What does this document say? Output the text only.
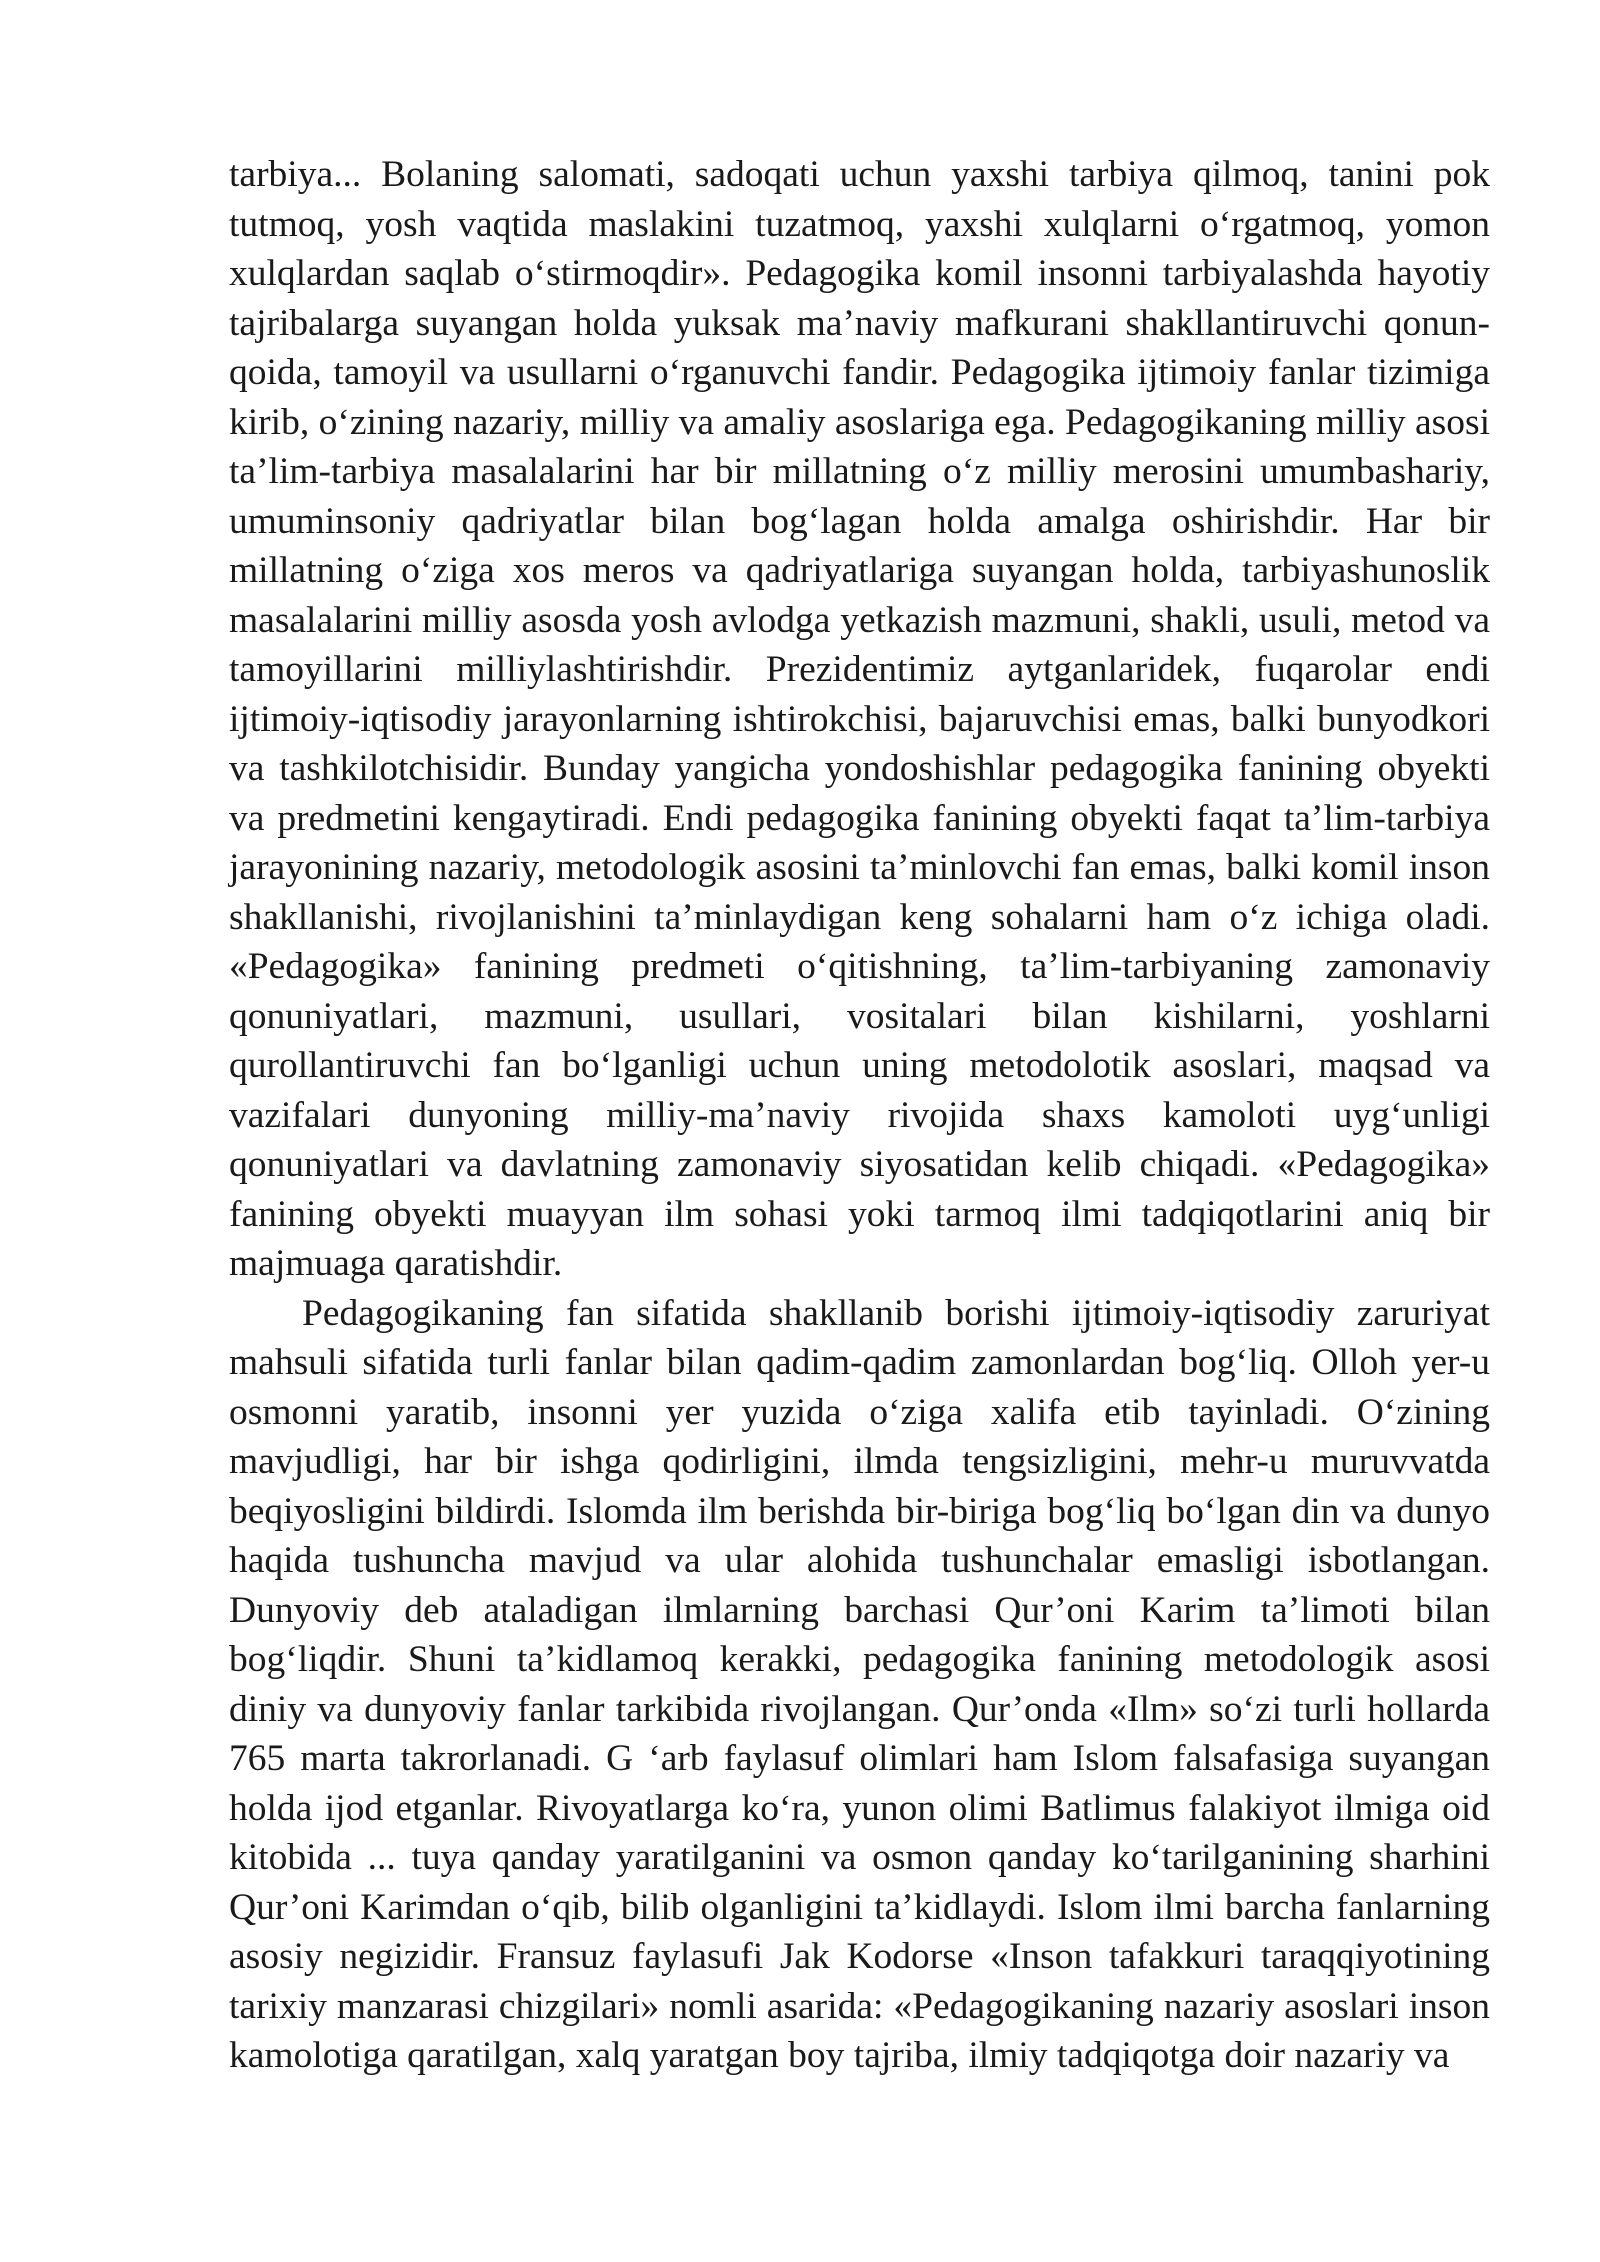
tarbiya... Bolaning salomati, sadoqati uchun yaxshi tarbiya qilmoq, tanini pok tutmoq, yosh vaqtida maslakini tuzatmoq, yaxshi xulqlarni o‘rgatmoq, yomon xulqlardan saqlab o‘stirmoqdir». Pedagogika komil insonni tarbiyalashda hayotiy tajribalarga suyangan holda yuksak ma’naviy mafkurani shakllantiruvchi qonun-qoida, tamoyil va usullarni o‘rganuvchi fandir. Pedagogika ijtimoiy fanlar tizimiga kirib, o‘zining nazariy, milliy va amaliy asoslariga ega. Pedagogikaning milliy asosi ta’lim-tarbiya masalalarini har bir millatning o‘z milliy merosini umumbashariy, umuminsoniy qadriyatlar bilan bog‘lagan holda amalga oshirishdir. Har bir millatning o‘ziga xos meros va qadriyatlariga suyangan holda, tarbiyashunoslik masalalarini milliy asosda yosh avlodga yetkazish mazmuni, shakli, usuli, metod va tamoyillarini milliylashtirishdir. Prezidentimiz aytganlaridek, fuqarolar endi ijtimoiy-iqtisodiy jarayonlarning ishtirokchisi, bajaruvchisi emas, balki bunyodkori va tashkilotchisidir. Bunday yangicha yondoshishlar pedagogika fanining obyekti va predmetini kengaytiradi. Endi pedagogika fanining obyekti faqat ta’lim-tarbiya jarayonining nazariy, metodologik asosini ta’minlovchi fan emas, balki komil inson shakllanishi, rivojlanishini ta’minlaydigan keng sohalarni ham o‘z ichiga oladi. «Pedagogika» fanining predmeti o‘qitishning, ta’lim-tarbiyaning zamonaviy qonuniyatlari, mazmuni, usullari, vositalari bilan kishilarni, yoshlarni qurollantiruvchi fan bo‘lganligi uchun uning metodolotik asoslari, maqsad va vazifalari dunyoning milliy-ma’naviy rivojida shaxs kamoloti uyg‘unligi qonuniyatlari va davlatning zamonaviy siyosatidan kelib chiqadi. «Pedagogika» fanining obyekti muayyan ilm sohasi yoki tarmoq ilmi tadqiqotlarini aniq bir majmuaga qaratishdir.

Pedagogikaning fan sifatida shakllanib borishi ijtimoiy-iqtisodiy zaruriyat mahsuli sifatida turli fanlar bilan qadim-qadim zamonlardan bog‘liq. Olloh yer-u osmonni yaratib, insonni yer yuzida o‘ziga xalifa etib tayinladi. O‘zining mavjudligi, har bir ishga qodirligini, ilmda tengsizligini, mehr-u muruvvatda beqiyosligini bildirdi. Islomda ilm berishda bir-biriga bog‘liq bo‘lgan din va dunyo haqida tushuncha mavjud va ular alohida tushunchalar emasligi isbotlangan. Dunyoviy deb ataladigan ilmlarning barchasi Qur’oni Karim ta’limoti bilan bog‘liqdir. Shuni ta’kidlamoq kerakki, pedagogika fanining metodologik asosi diniy va dunyoviy fanlar tarkibida rivojlangan. Qur’onda «Ilm» so‘zi turli hollarda 765 marta takrorlanadi. G ‘arb faylasuf olimlari ham Islom falsafasiga suyangan holda ijod etganlar. Rivoyatlarga ko‘ra, yunon olimi Batlimus falakiyot ilmiga oid kitobida ... tuya qanday yaratilganini va osmon qanday ko‘tarilganining sharhini Qur’oni Karimdan o‘qib, bilib olganligini ta’kidlaydi. Islom ilmi barcha fanlarning asosiy negizidir. Fransuz faylasufi Jak Kodorse «Inson tafakkuri taraqqiyotining tarixiy manzarasi chizgilari» nomli asarida: «Pedagogikaning nazariy asoslari inson kamolotiga qaratilgan, xalq yaratgan boy tajriba, ilmiy tadqiqotga doir nazariy va
